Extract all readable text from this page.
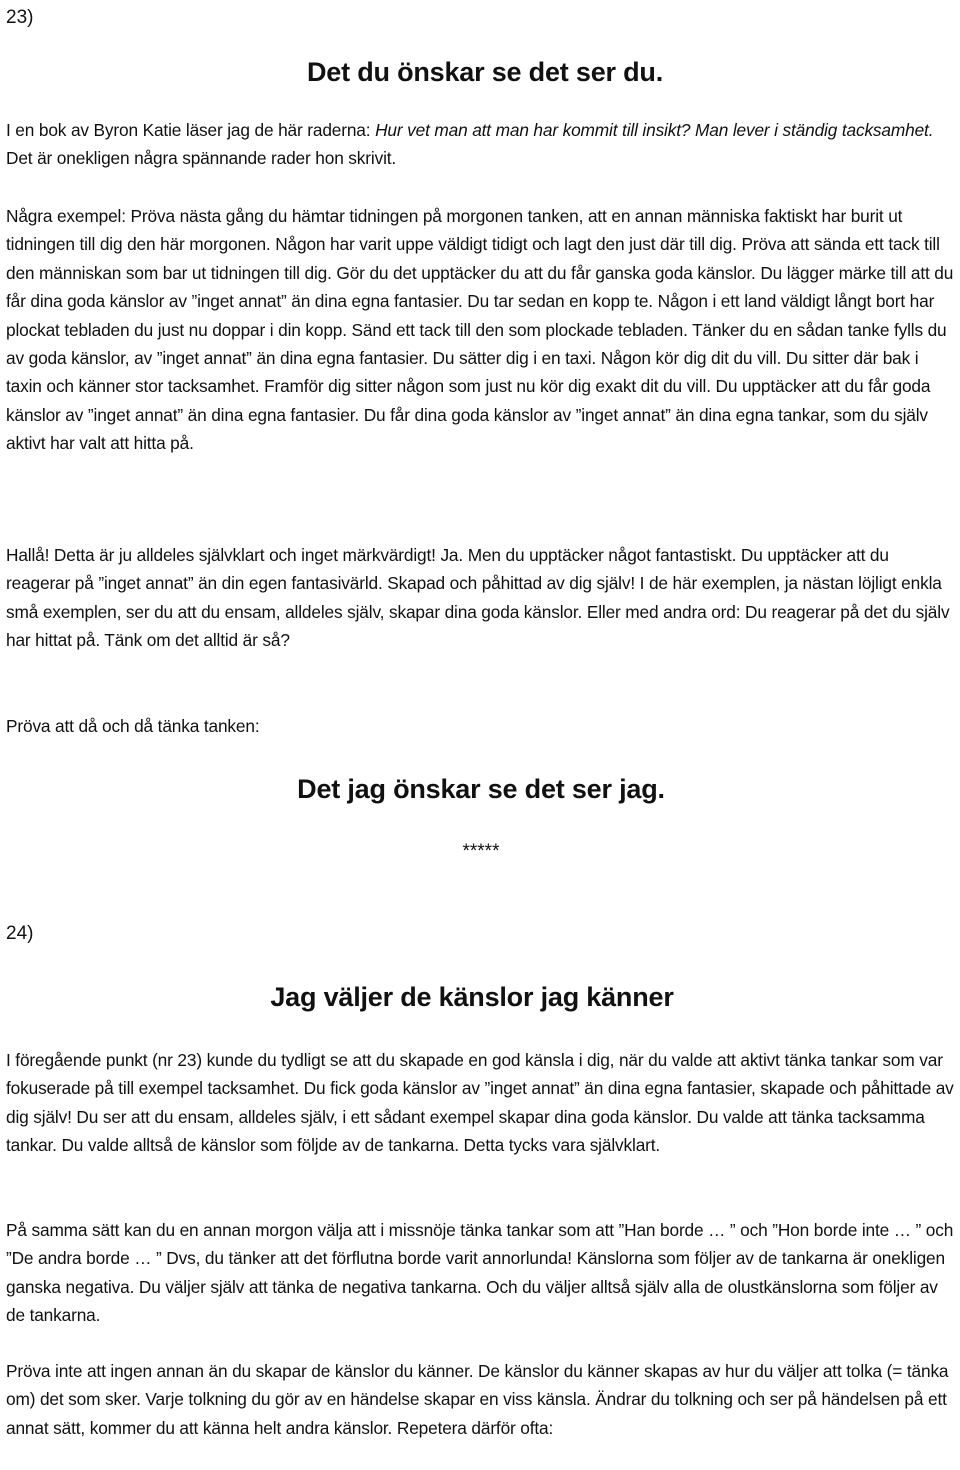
23)
Det du önskar se det ser du.

I en bok av Byron Katie läser jag de här raderna: Hur vet man att man har kommit till insikt? Man lever i ständig tacksamhet. Det är onekligen några spännande rader hon skrivit.

Några exempel: Pröva nästa gång du hämtar tidningen på morgonen tanken, att en annan människa faktiskt har burit ut tidningen till dig den här morgonen. Någon har varit uppe väldigt tidigt och lagt den just där till dig. Pröva att sända ett tack till den människan som bar ut tidningen till dig. Gör du det upptäcker du att du får ganska goda känslor. Du lägger märke till att du får dina goda känslor av ”inget annat” än dina egna fantasier. Du tar sedan en kopp te. Någon i ett land väldigt långt bort har plockat tebladen du just nu doppar i din kopp. Sänd ett tack till den som plockade tebladen. Tänker du en sådan tanke fylls du av goda känslor, av ”inget annat” än dina egna fantasier. Du sätter dig i en taxi. Någon kör dig dit du vill. Du sitter där bak i taxin och känner stor tacksamhet. Framför dig sitter någon som just nu kör dig exakt dit du vill. Du upptäcker att du får goda känslor av ”inget annat” än dina egna fantasier. Du får dina goda känslor av ”inget annat” än dina egna tankar, som du själv aktivt har valt att hitta på.

Hallå! Detta är ju alldeles självklart och inget märkvärdigt! Ja. Men du upptäcker något fantastiskt. Du upptäcker att du reagerar på ”inget annat” än din egen fantasivärld. Skapad och påhittad av dig själv! I de här exemplen, ja nästan löjligt enkla små exemplen, ser du att du ensam, alldeles själv, skapar dina goda känslor. Eller med andra ord: Du reagerar på det du själv har hittat på. Tänk om det alltid är så?

Pröva att då och då tänka tanken:

Det jag önskar se det ser jag.
*****
24)
Jag väljer de känslor jag känner

I föregående punkt (nr 23) kunde du tydligt se att du skapade en god känsla i dig, när du valde att aktivt tänka tankar som var fokuserade på till exempel tacksamhet. Du fick goda känslor av ”inget annat” än dina egna fantasier, skapade och påhittade av dig själv! Du ser att du ensam, alldeles själv, i ett sådant exempel skapar dina goda känslor. Du valde att tänka tacksamma tankar. Du valde alltså de känslor som följde av de tankarna. Detta tycks vara självklart.

På samma sätt kan du en annan morgon välja att i missnöje tänka tankar som att ”Han borde … ” och ”Hon borde inte … ” och ”De andra borde … ” Dvs, du tänker att det förflutna borde varit annorlunda! Känslorna som följer av de tankarna är onekligen ganska negativa. Du väljer själv att tänka de negativa tankarna. Och du väljer alltså själv alla de olustkänslorna som följer av de tankarna.

Pröva inte att ingen annan än du skapar de känslor du känner. De känslor du känner skapas av hur du väljer att tolka (= tänka om) det som sker. Varje tolkning du gör av en händelse skapar en viss känsla. Ändrar du tolkning och ser på händelsen på ett annat sätt, kommer du att känna helt andra känslor. Repetera därför ofta:
